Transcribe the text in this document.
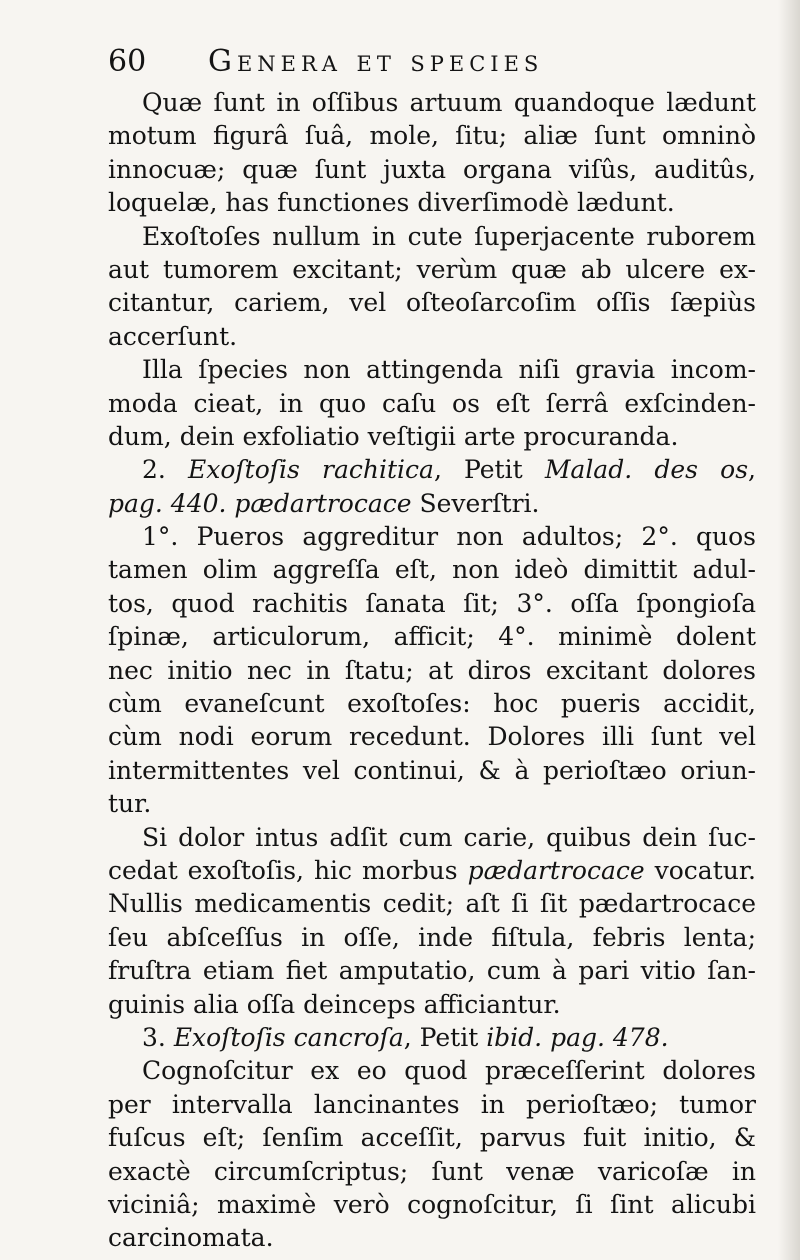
60 Genera et species
Quæ ſunt in oſſibus artuum quandoque lædunt
motum figurâ ſuâ, mole, ſitu; aliæ ſunt omninò
innocuæ; quæ ſunt juxta organa viſûs, auditûs,
loquelæ, has functiones diverſimodè lædunt.
Exoſtoſes nullum in cute ſuperjacente ruborem
aut tumorem excitant; verùm quæ ab ulcere ex-
citantur, cariem, vel oſteoſarcoſim oſſis ſæpiùs
accerſunt.
Illa ſpecies non attingenda niſi gravia incom-
moda cieat, in quo caſu os eſt ſerrâ exſcinden-
dum, dein exfoliatio veſtigii arte procuranda.
2. Exoſtoſis rachitica, Petit Malad. des os,
pag. 440. pædartrocace Severſtri.
1°. Pueros aggreditur non adultos; 2°. quos
tamen olim aggreſſa eſt, non ideò dimittit adul-
tos, quod rachitis ſanata ſit; 3°. oſſa ſpongioſa
ſpinæ, articulorum, afficit; 4°. minimè dolent
nec initio nec in ſtatu; at diros excitant dolores
cùm evaneſcunt exoſtoſes: hoc pueris accidit,
cùm nodi eorum recedunt. Dolores illi ſunt vel
intermittentes vel continui, & à perioſtæo oriun-
tur.
Si dolor intus adſit cum carie, quibus dein ſuc-
cedat exoſtoſis, hic morbus pædartrocace vocatur.
Nullis medicamentis cedit; aſt ſi ſit pædartrocace
ſeu abſceſſus in oſſe, inde fiſtula, febris lenta;
fruſtra etiam fiet amputatio, cum à pari vitio ſan-
guinis alia oſſa deinceps afficiantur.
3. Exoſtoſis cancroſa, Petit ibid. pag. 478.
Cognoſcitur ex eo quod præceſſerint dolores
per intervalla lancinantes in perioſtæo; tumor
fuſcus eſt; ſenſim acceſſit, parvus fuit initio, &
exactè circumſcriptus; ſunt venæ varicoſæ in
viciniâ; maximè verò cognoſcitur, ſi ſint alicubi
carcinomata.
